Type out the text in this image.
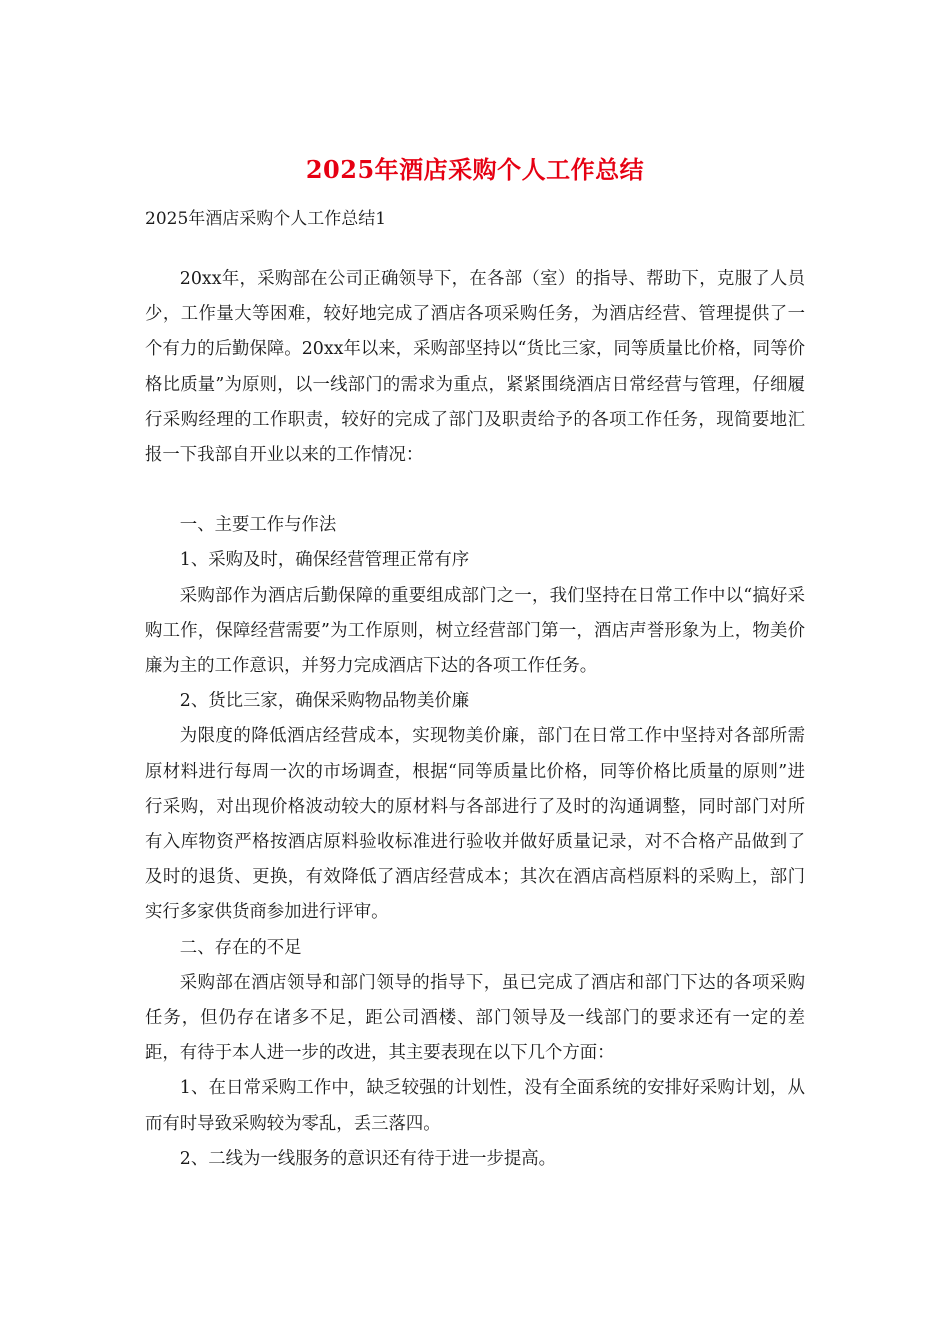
2025年酒店采购个人工作总结
2025年酒店采购个人工作总结1

20xx年，采购部在公司正确领导下，在各部（室）的指导、帮助下，克服了人员少，工作量大等困难，较好地完成了酒店各项采购任务，为酒店经营、管理提供了一个有力的后勤保障。20xx年以来，采购部坚持以“货比三家，同等质量比价格，同等价格比质量”为原则，以一线部门的需求为重点，紧紧围绕酒店日常经营与管理，仔细履行采购经理的工作职责，较好的完成了部门及职责给予的各项工作任务，现简要地汇报一下我部自开业以来的工作情况：

一、主要工作与作法

1、采购及时，确保经营管理正常有序

采购部作为酒店后勤保障的重要组成部门之一，我们坚持在日常工作中以“搞好采购工作，保障经营需要”为工作原则，树立经营部门第一，酒店声誉形象为上，物美价廉为主的工作意识，并努力完成酒店下达的各项工作任务。

2、货比三家，确保采购物品物美价廉

为限度的降低酒店经营成本，实现物美价廉，部门在日常工作中坚持对各部所需原材料进行每周一次的市场调查，根据“同等质量比价格，同等价格比质量的原则”进行采购，对出现价格波动较大的原材料与各部进行了及时的沟通调整，同时部门对所有入库物资严格按酒店原料验收标准进行验收并做好质量记录，对不合格产品做到了及时的退货、更换，有效降低了酒店经营成本；其次在酒店高档原料的采购上，部门实行多家供货商参加进行评审。

二、存在的不足

采购部在酒店领导和部门领导的指导下，虽已完成了酒店和部门下达的各项采购任务，但仍存在诸多不足，距公司酒楼、部门领导及一线部门的要求还有一定的差距，有待于本人进一步的改进，其主要表现在以下几个方面：

1、在日常采购工作中，缺乏较强的计划性，没有全面系统的安排好采购计划，从而有时导致采购较为零乱，丢三落四。

2、二线为一线服务的意识还有待于进一步提高。
